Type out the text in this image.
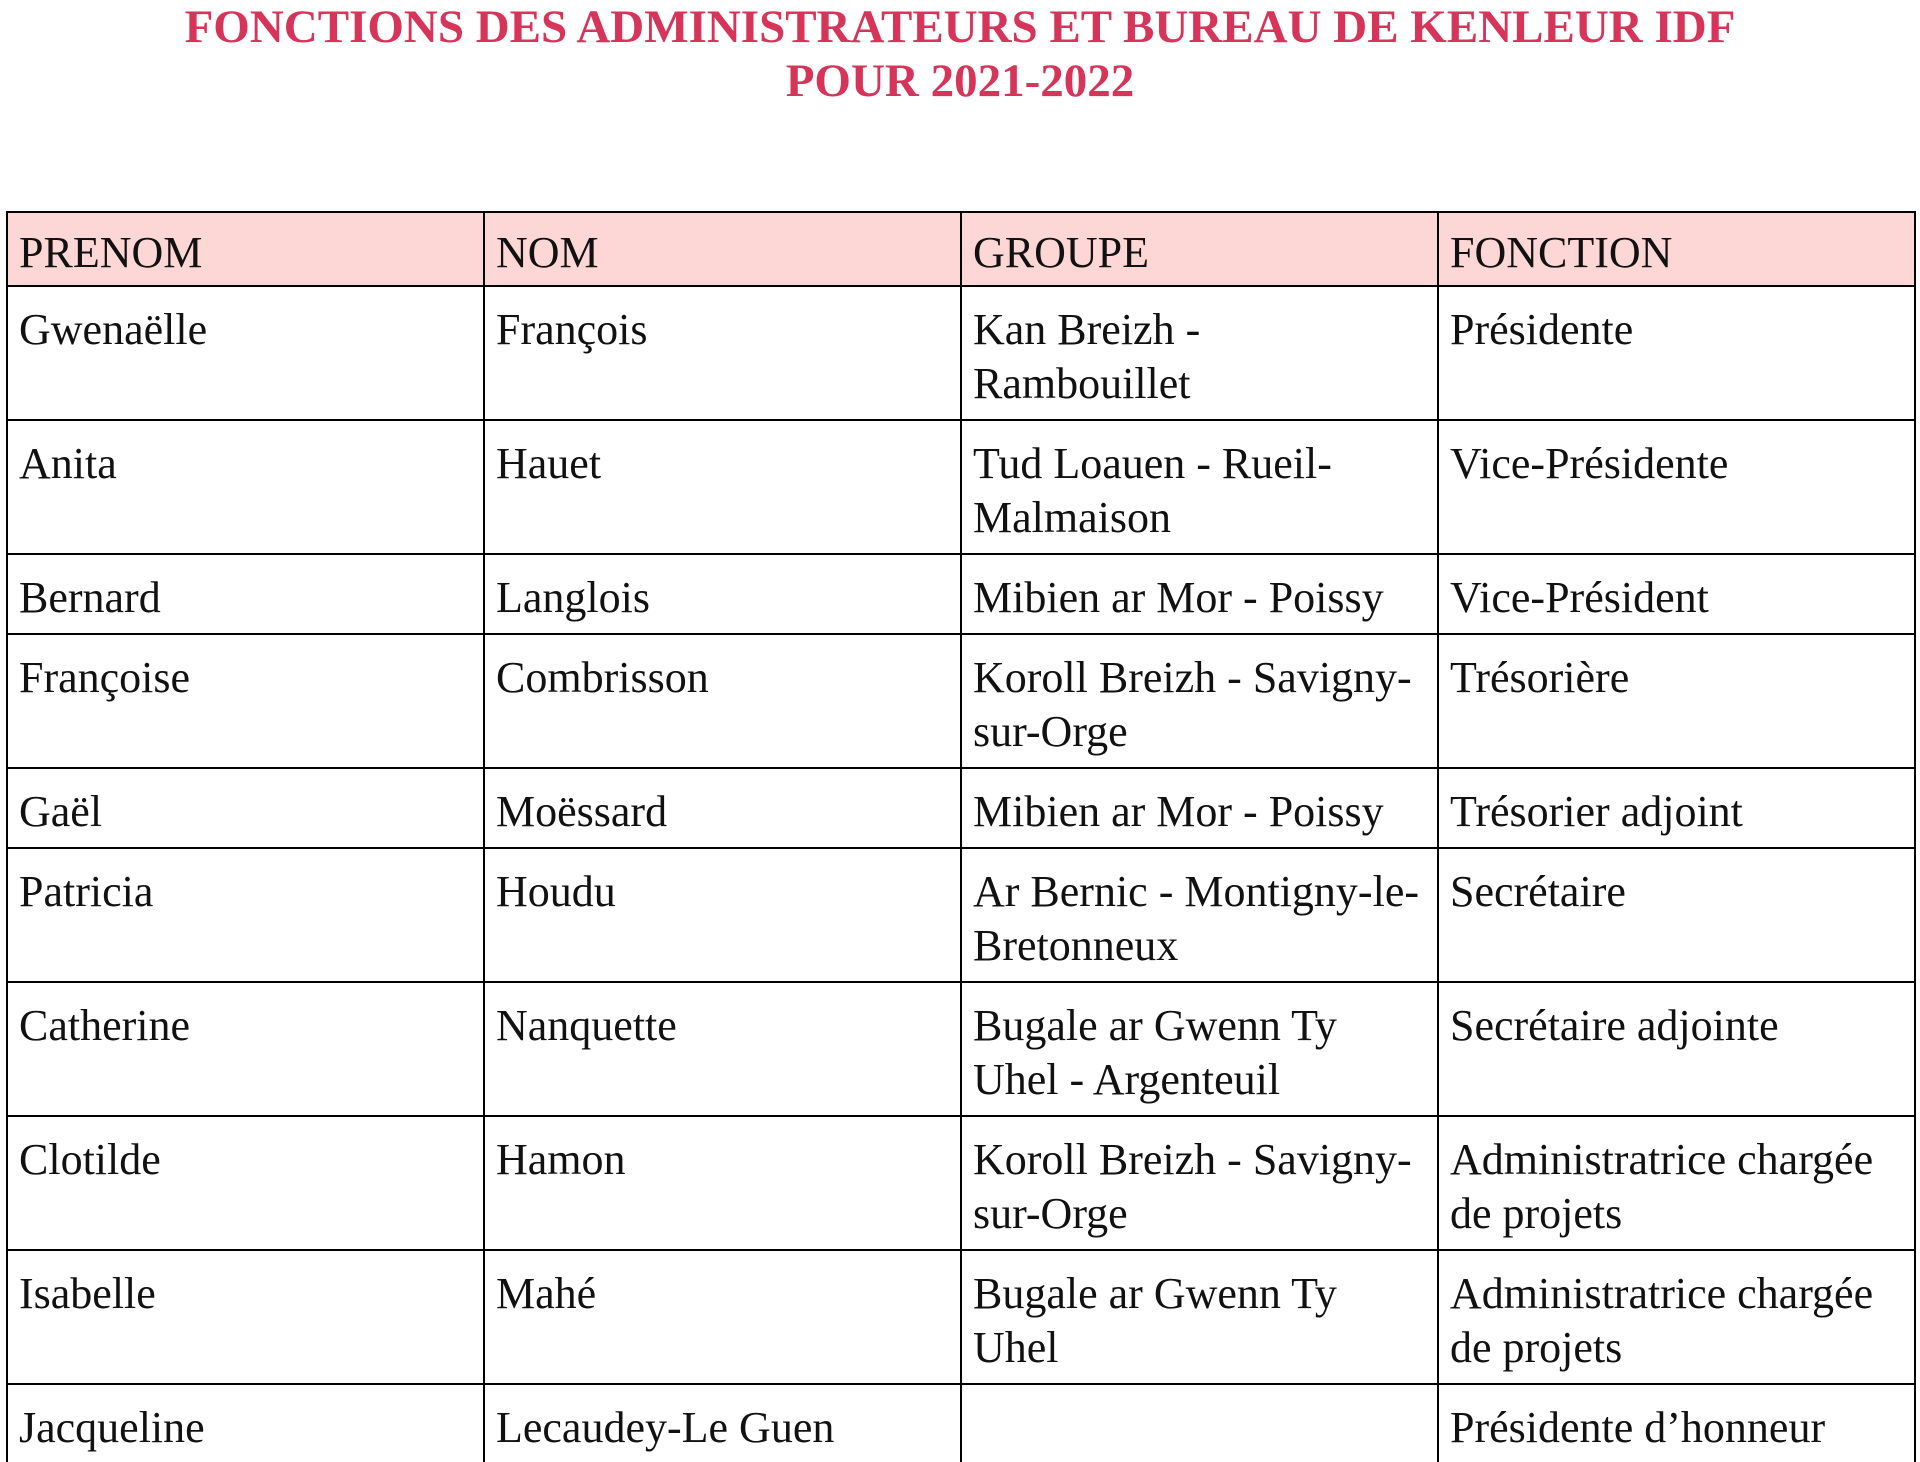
FONCTIONS DES ADMINISTRATEURS ET BUREAU DE KENLEUR IDF
POUR 2021-2022
PRENOM	NOM	GROUPE	FONCTION
Gwenaëlle	François	Kan Breizh - Rambouillet	Présidente
Anita	Hauet	Tud Loauen - Rueil-Malmaison	Vice-Présidente
Bernard	Langlois	Mibien ar Mor - Poissy	Vice-Président
Françoise	Combrisson	Koroll Breizh - Savigny-sur-Orge	Trésorière
Gaël	Moëssard	Mibien ar Mor - Poissy	Trésorier adjoint
Patricia	Houdu	Ar Bernic - Montigny-le-Bretonneux	Secrétaire
Catherine	Nanquette	Bugale ar Gwenn Ty Uhel - Argenteuil	Secrétaire adjointe
Clotilde	Hamon	Koroll Breizh - Savigny-sur-Orge	Administratrice chargée de projets
Isabelle	Mahé	Bugale ar Gwenn Ty Uhel	Administratrice chargée de projets
Jacqueline	Lecaudey-Le Guen		Présidente d’honneur
